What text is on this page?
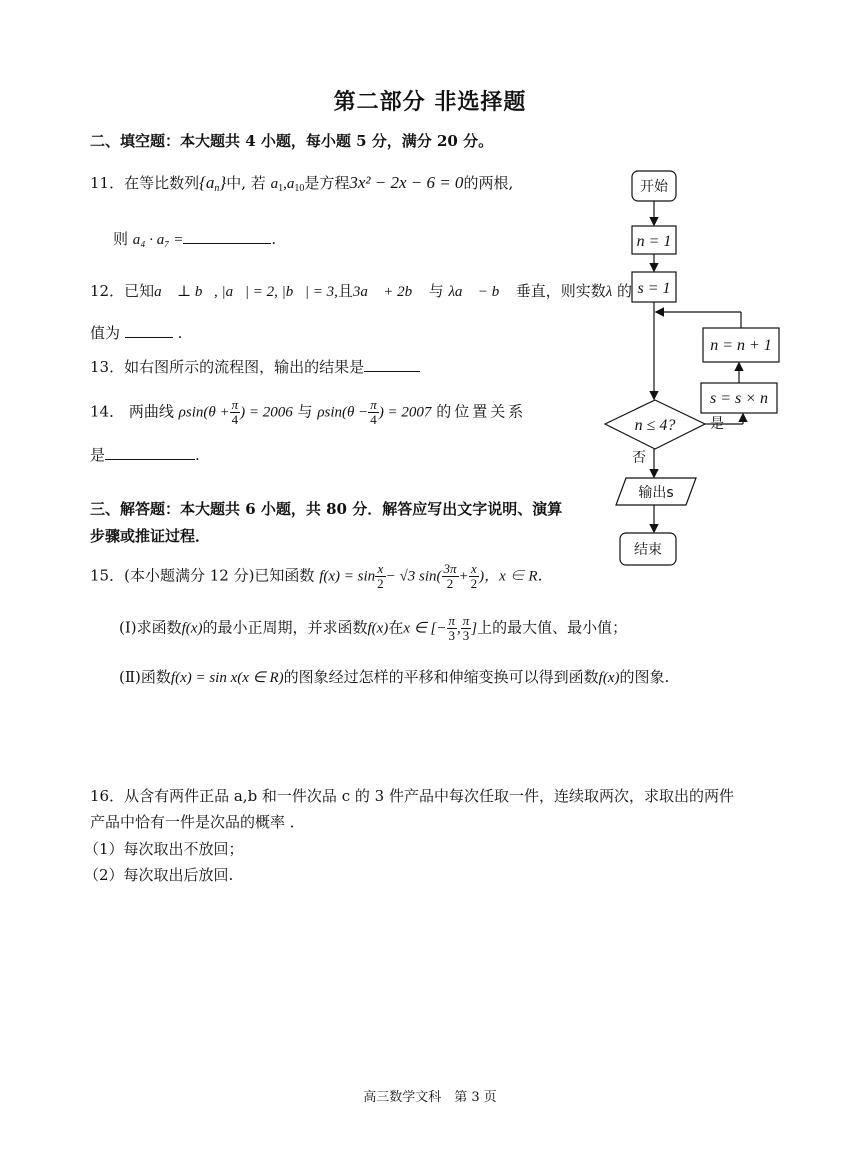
第二部分 非选择题
二、填空题：本大题共 4 小题，每小题 5 分，满分 20 分。
11．在等比数列$\{a_n\}$中, 若 $a_1,a_{10}$是方程3x² − 2x − 6 = 0的两根,
则 a₄ · a₇ =	.
12．已知a⃗ ⊥ b⃗, |a⃗| = 2, |b⃗| = 3,且3a⃗ + 2b⃗ 与 λa⃗ − b⃗ 垂直，则实数λ 的
值为	.
13．如右图所示的流程图，输出的结果是
14． 两曲线 $\rho\sin(\theta + \frac{\pi}{4}$ ) = 2006 与 $\rho\sin(\theta - \frac{\pi}{4}$ ) = 2007 的位置关系
是	.
三、解答题：本大题共 6 小题，共 80 分．解答应写出文字说明、演算
步骤或推证过程．
15．(本小题满分 12 分)已知函数 $f(x) = \sin \frac{x}{2} - √3$ $\sin( \frac{3\pi}{2} + \frac{x}{2}$ )，x ∈ R．
(Ⅰ)求函数f(x)的最小正周期，并求函数f(x)在x ∈ [− $\frac{\pi}{3}$ , $\frac{\pi}{3}$ ]上的最大值、最小值；
(Ⅱ)函数f(x) = sin x(x ∈ R)的图象经过怎样的平移和伸缩变换可以得到函数f(x)的图象.
16．从含有两件正品 a,b 和一件次品 c 的 3 件产品中每次任取一件，连续取两次，求取出的两件
产品中恰有一件是次品的概率 ．
（1）每次取出不放回；
（2）每次取出后放回.
开始
n = 1
s = 1
n = n + 1
s = s × n
n ≤ 4? 是
否
输出s
结束
高三数学文科　第 3 页
